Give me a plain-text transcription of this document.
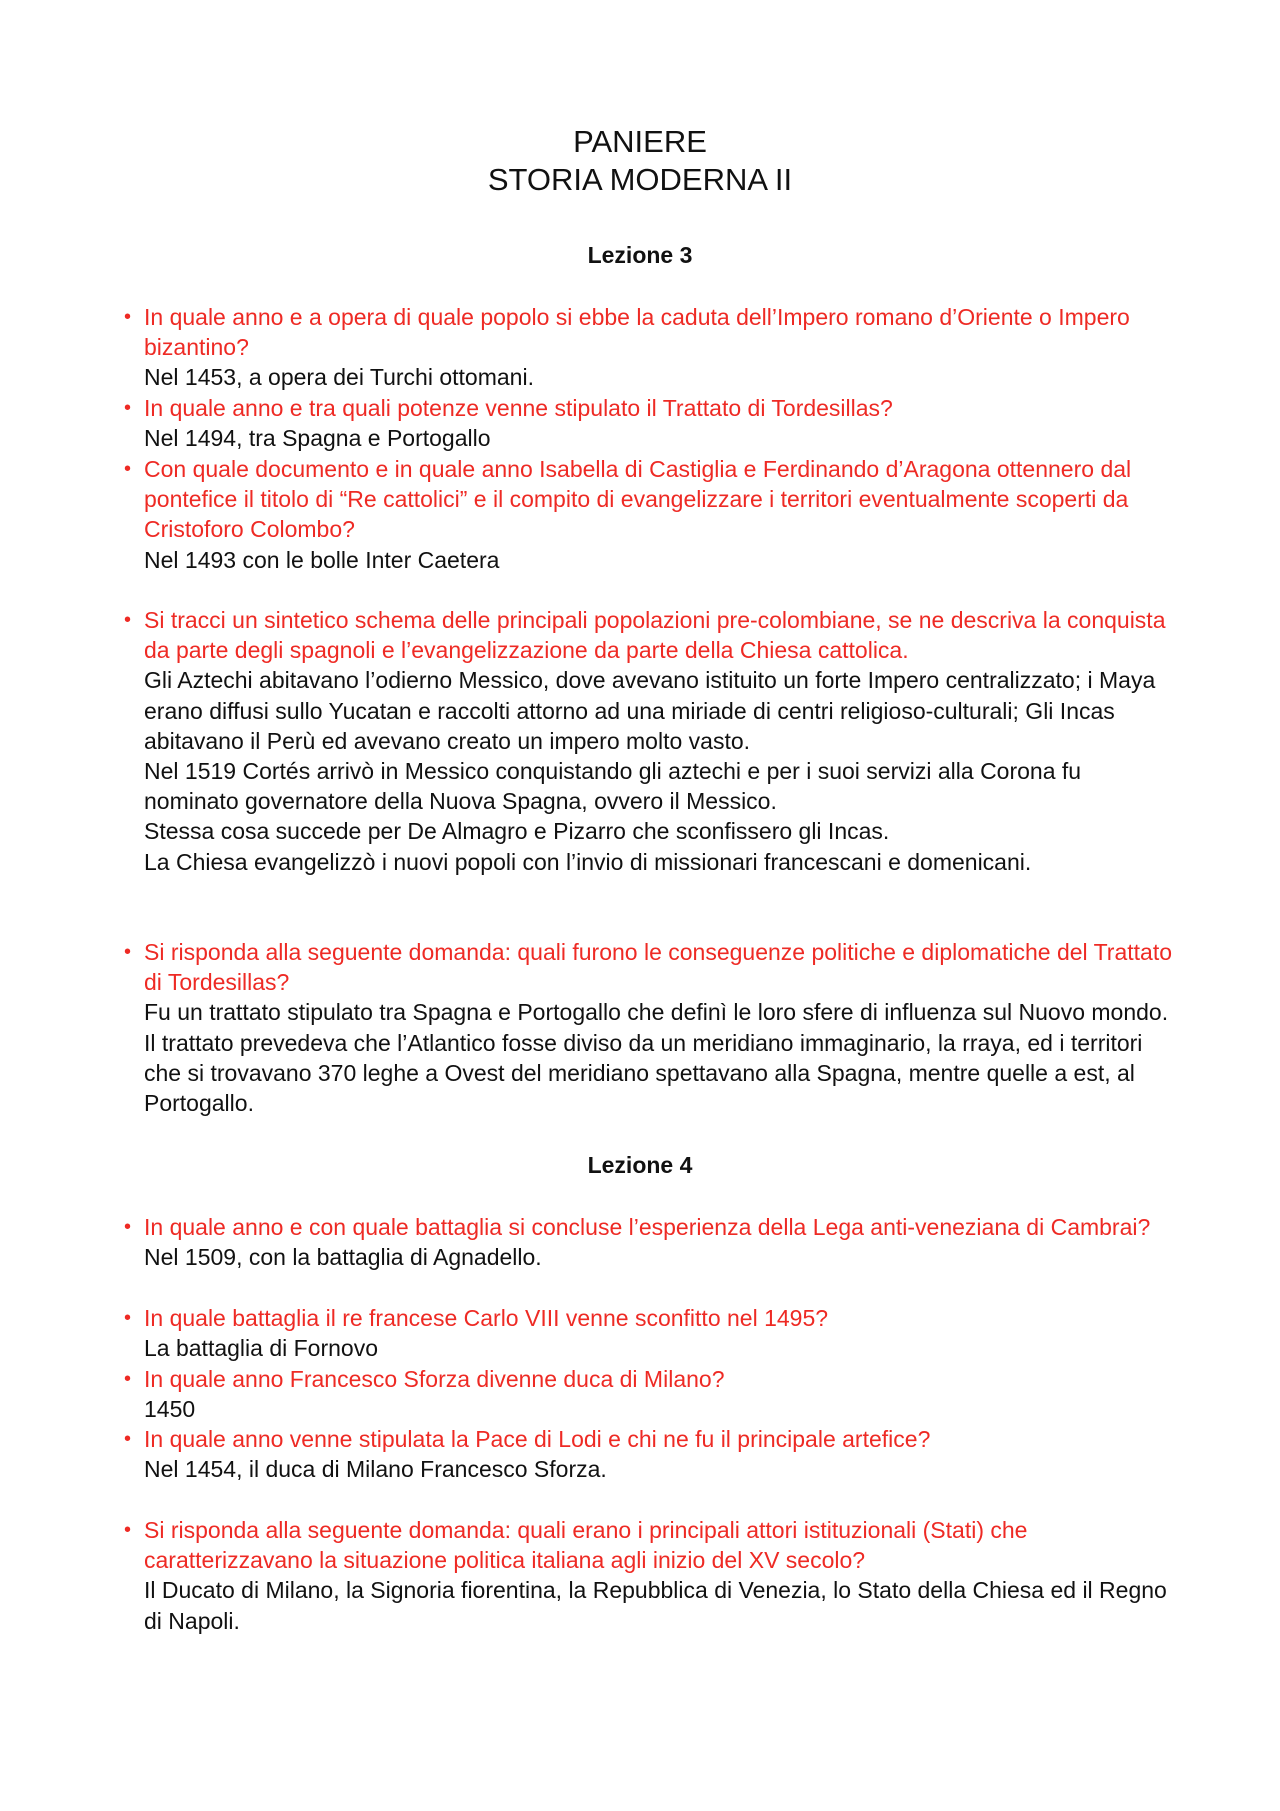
PANIERE
STORIA MODERNA II
Lezione 3
• In quale anno e a opera di quale popolo si ebbe la caduta dell’Impero romano d’Oriente o Impero bizantino?
Nel 1453, a opera dei Turchi ottomani.
• In quale anno e tra quali potenze venne stipulato il Trattato di Tordesillas?
Nel 1494, tra Spagna e Portogallo
• Con quale documento e in quale anno Isabella di Castiglia e Ferdinando d’Aragona ottennero dal pontefice il titolo di “Re cattolici” e il compito di evangelizzare i territori eventualmente scoperti da Cristoforo Colombo?
Nel 1493 con le bolle Inter Caetera
• Si tracci un sintetico schema delle principali popolazioni pre-colombiane, se ne descriva la conquista da parte degli spagnoli e l’evangelizzazione da parte della Chiesa cattolica.
Gli Aztechi abitavano l’odierno Messico, dove avevano istituito un forte Impero centralizzato; i Maya erano diffusi sullo Yucatan e raccolti attorno ad una miriade di centri religioso-culturali; Gli Incas abitavano il Perù ed avevano creato un impero molto vasto.
Nel 1519 Cortés arrivò in Messico conquistando gli aztechi e per i suoi servizi alla Corona fu nominato governatore della Nuova Spagna, ovvero il Messico.
Stessa cosa succede per De Almagro e Pizarro che sconfissero gli Incas.
La Chiesa evangelizzò i nuovi popoli con l’invio di missionari francescani e domenicani.
• Si risponda alla seguente domanda: quali furono le conseguenze politiche e diplomatiche del Trattato di Tordesillas?
Fu un trattato stipulato tra Spagna e Portogallo che definì le loro sfere di influenza sul Nuovo mondo. Il trattato prevedeva che l’Atlantico fosse diviso da un meridiano immaginario, la rraya, ed i territori che si trovavano 370 leghe a Ovest del meridiano spettavano alla Spagna, mentre quelle a est, al Portogallo.
Lezione 4
• In quale anno e con quale battaglia si concluse l’esperienza della Lega anti-veneziana di Cambrai?
Nel 1509, con la battaglia di Agnadello.
• In quale battaglia il re francese Carlo VIII venne sconfitto nel 1495?
La battaglia di Fornovo
• In quale anno Francesco Sforza divenne duca di Milano?
1450
• In quale anno venne stipulata la Pace di Lodi e chi ne fu il principale artefice?
Nel 1454, il duca di Milano Francesco Sforza.
• Si risponda alla seguente domanda: quali erano i principali attori istituzionali (Stati) che caratterizzavano la situazione politica italiana agli inizio del XV secolo?
Il Ducato di Milano, la Signoria fiorentina, la Repubblica di Venezia, lo Stato della Chiesa ed il Regno di Napoli.
